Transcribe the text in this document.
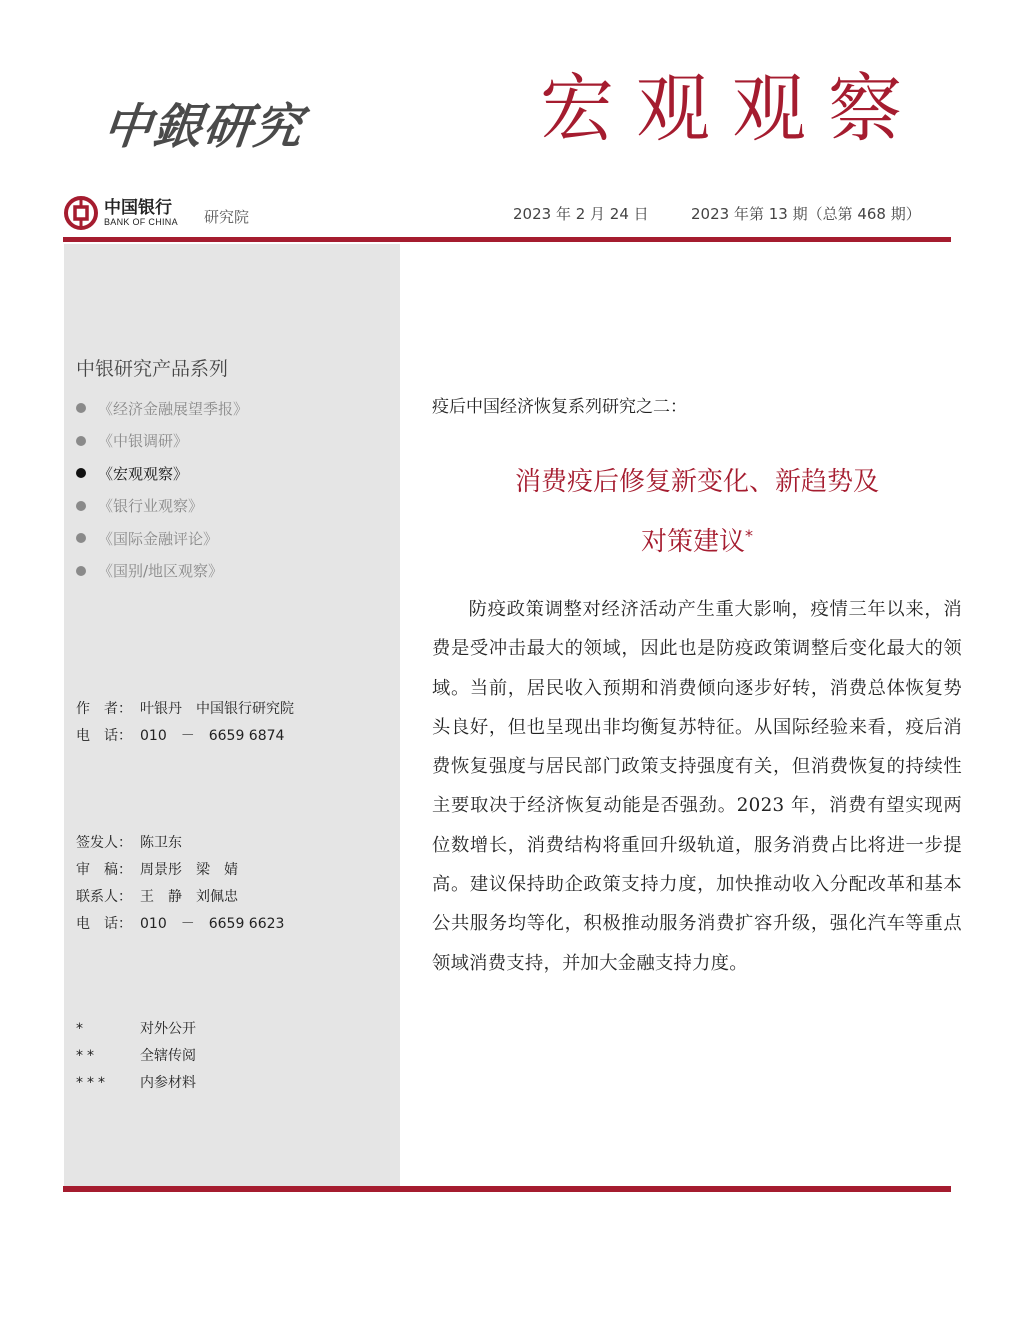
中銀研究	宏观观察
中国银行
BANK OF CHINA 研究院	2023 年 2 月 24 日	2023 年第 13 期（总第 468 期）
中银研究产品系列
《经济金融展望季报》
《中银调研》
《宏观观察》
《银行业观察》
《国际金融评论》
《国别/地区观察》
作　者： 叶银丹　中国银行研究院
电　话： 010　－　6659 6874
签发人： 陈卫东
审　稿： 周景彤　梁　婧
联系人： 王　静　刘佩忠
电　话： 010　－　6659 6623
*	对外公开
**	全辖传阅
***	内参材料
疫后中国经济恢复系列研究之二：
消费疫后修复新变化、新趋势及
对策建议*
防疫政策调整对经济活动产生重大影响，疫情三年以来，消费是受冲击最大的领域，因此也是防疫政策调整后变化最大的领域。当前，居民收入预期和消费倾向逐步好转，消费总体恢复势头良好，但也呈现出非均衡复苏特征。从国际经验来看，疫后消费恢复强度与居民部门政策支持强度有关，但消费恢复的持续性主要取决于经济恢复动能是否强劲。2023 年，消费有望实现两位数增长，消费结构将重回升级轨道，服务消费占比将进一步提高。建议保持助企政策支持力度，加快推动收入分配改革和基本公共服务均等化，积极推动服务消费扩容升级，强化汽车等重点领域消费支持，并加大金融支持力度。
